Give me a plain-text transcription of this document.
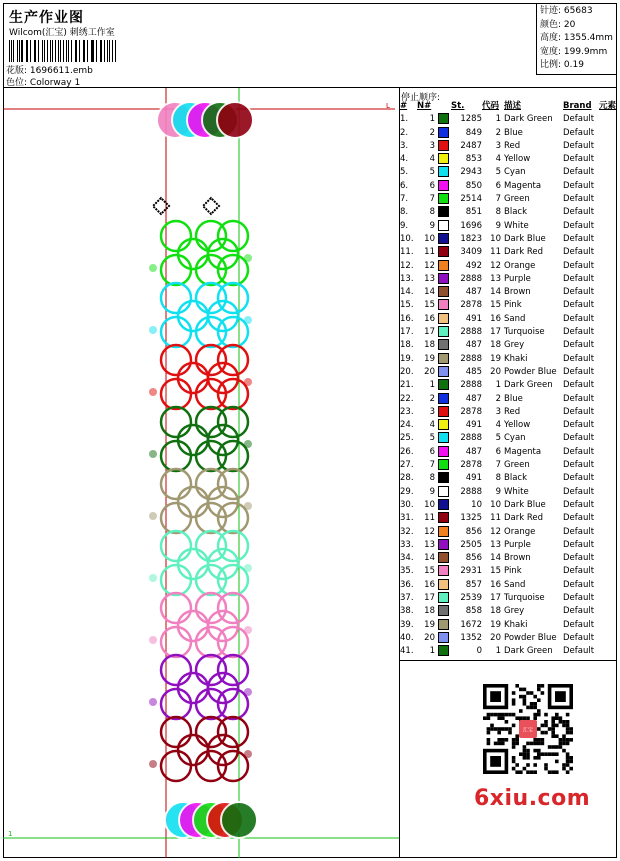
生产作业图
Wilcom(汇宝) 刺绣工作室
花版: 1696611.emb
色位: Colorway 1
针迹: 65683
颜色: 20
高度: 1355.4mm
宽度: 199.9mm
比例: 0.19
停止顺序:
#	N#		St.	代码	描述	Brand	元素
1.	1		1285	1	Dark Green	Default	
2.	2		849	2	Blue	Default	
3.	3		2487	3	Red	Default	
4.	4		853	4	Yellow	Default	
5.	5		2943	5	Cyan	Default	
6.	6		850	6	Magenta	Default	
7.	7		2514	7	Green	Default	
8.	8		851	8	Black	Default	
9.	9		1696	9	White	Default	
10.	10		1823	10	Dark Blue	Default	
11.	11		3409	11	Dark Red	Default	
12.	12		492	12	Orange	Default	
13.	13		2888	13	Purple	Default	
14.	14		487	14	Brown	Default	
15.	15		2878	15	Pink	Default	
16.	16		491	16	Sand	Default	
17.	17		2888	17	Turquoise	Default	
18.	18		487	18	Grey	Default	
19.	19		2888	19	Khaki	Default	
20.	20		485	20	Powder Blue	Default	
21.	1		2888	1	Dark Green	Default	
22.	2		487	2	Blue	Default	
23.	3		2878	3	Red	Default	
24.	4		491	4	Yellow	Default	
25.	5		2888	5	Cyan	Default	
26.	6		487	6	Magenta	Default	
27.	7		2878	7	Green	Default	
28.	8		491	8	Black	Default	
29.	9		2888	9	White	Default	
30.	10		10	10	Dark Blue	Default	
31.	11		1325	11	Dark Red	Default	
32.	12		856	12	Orange	Default	
33.	13		2505	13	Purple	Default	
34.	14		856	14	Brown	Default	
35.	15		2931	15	Pink	Default	
36.	16		857	16	Sand	Default	
37.	17		2539	17	Turquoise	Default	
38.	18		858	18	Grey	Default	
39.	19		1672	19	Khaki	Default	
40.	20		1352	20	Powder Blue	Default	
41.	1		0	1	Dark Green	Default	
L
1
汇宝
6xiu.com
